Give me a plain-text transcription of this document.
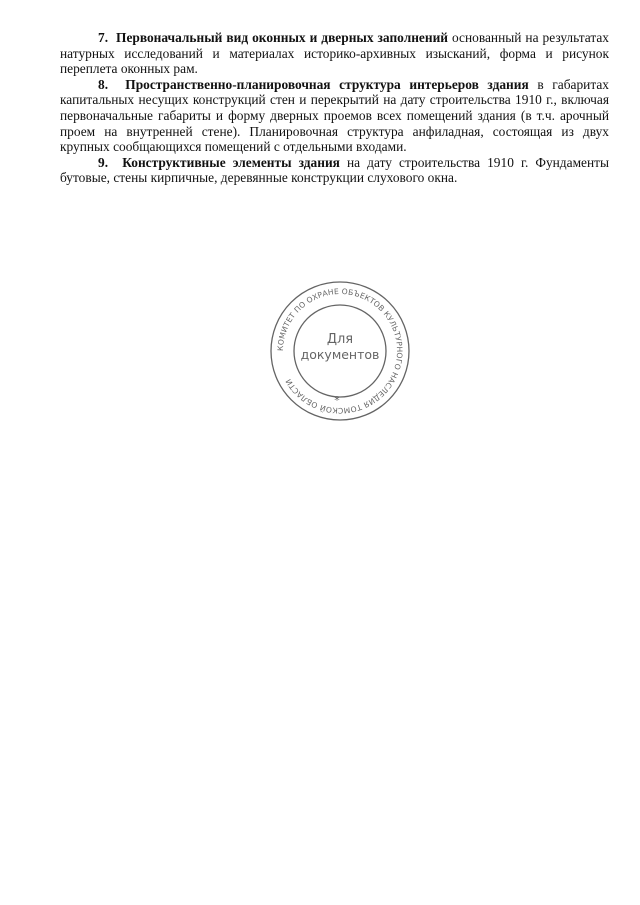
7. Первоначальный вид оконных и дверных заполнений основанный на результатах натурных исследований и материалах историко-архивных изысканий, форма и рисунок переплета оконных рам.

8. Пространственно-планировочная структура интерьеров здания в габаритах капитальных несущих конструкций стен и перекрытий на дату строительства 1910 г., включая первоначальные габариты и форму дверных проемов всех помещений здания (в т.ч. арочный проем на внутренней стене). Планировочная структура анфиладная, состоящая из двух крупных сообщающихся помещений с отдельными входами.

9. Конструктивные элементы здания на дату строительства 1910 г. Фундаменты бутовые, стены кирпичные, деревянные конструкции слухового окна.

КОМИТЕТ ПО ОХРАНЕ ОБЪЕКТОВ КУЛЬТУРНОГО НАСЛЕДИЯ ТОМСКОЙ ОБЛАСТИ
Для
документов
*
